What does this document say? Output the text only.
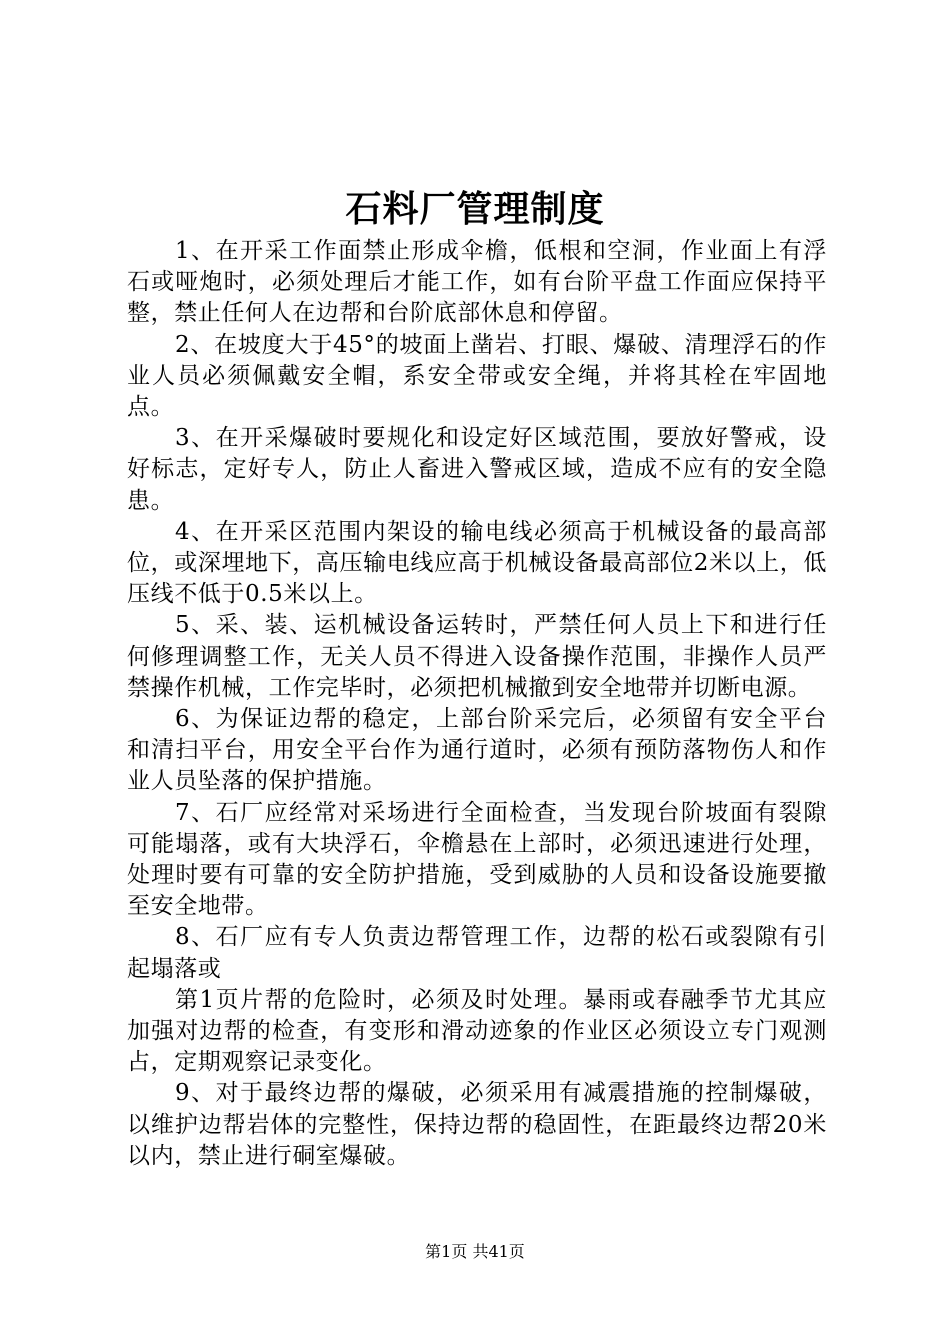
石料厂管理制度

1、在开采工作面禁止形成伞檐，低根和空洞，作业面上有浮石或哑炮时，必须处理后才能工作，如有台阶平盘工作面应保持平整，禁止任何人在边帮和台阶底部休息和停留。

2、在坡度大于45°的坡面上凿岩、打眼、爆破、清理浮石的作业人员必须佩戴安全帽，系安全带或安全绳，并将其栓在牢固地点。

3、在开采爆破时要规化和设定好区域范围，要放好警戒，设好标志，定好专人，防止人畜进入警戒区域，造成不应有的安全隐患。

4、在开采区范围内架设的输电线必须高于机械设备的最高部位，或深埋地下，高压输电线应高于机械设备最高部位2米以上，低压线不低于0.5米以上。

5、采、装、运机械设备运转时，严禁任何人员上下和进行任何修理调整工作，无关人员不得进入设备操作范围，非操作人员严禁操作机械，工作完毕时，必须把机械撤到安全地带并切断电源。

6、为保证边帮的稳定，上部台阶采完后，必须留有安全平台和清扫平台，用安全平台作为通行道时，必须有预防落物伤人和作业人员坠落的保护措施。

7、石厂应经常对采场进行全面检查，当发现台阶坡面有裂隙可能塌落，或有大块浮石，伞檐悬在上部时，必须迅速进行处理，处理时要有可靠的安全防护措施，受到威胁的人员和设备设施要撤至安全地带。

8、石厂应有专人负责边帮管理工作，边帮的松石或裂隙有引起塌落或

第1页片帮的危险时，必须及时处理。暴雨或春融季节尤其应加强对边帮的检查，有变形和滑动迹象的作业区必须设立专门观测占，定期观察记录变化。

9、对于最终边帮的爆破，必须采用有减震措施的控制爆破，以维护边帮岩体的完整性，保持边帮的稳固性，在距最终边帮20米以内，禁止进行硐室爆破。

第1页 共41页
